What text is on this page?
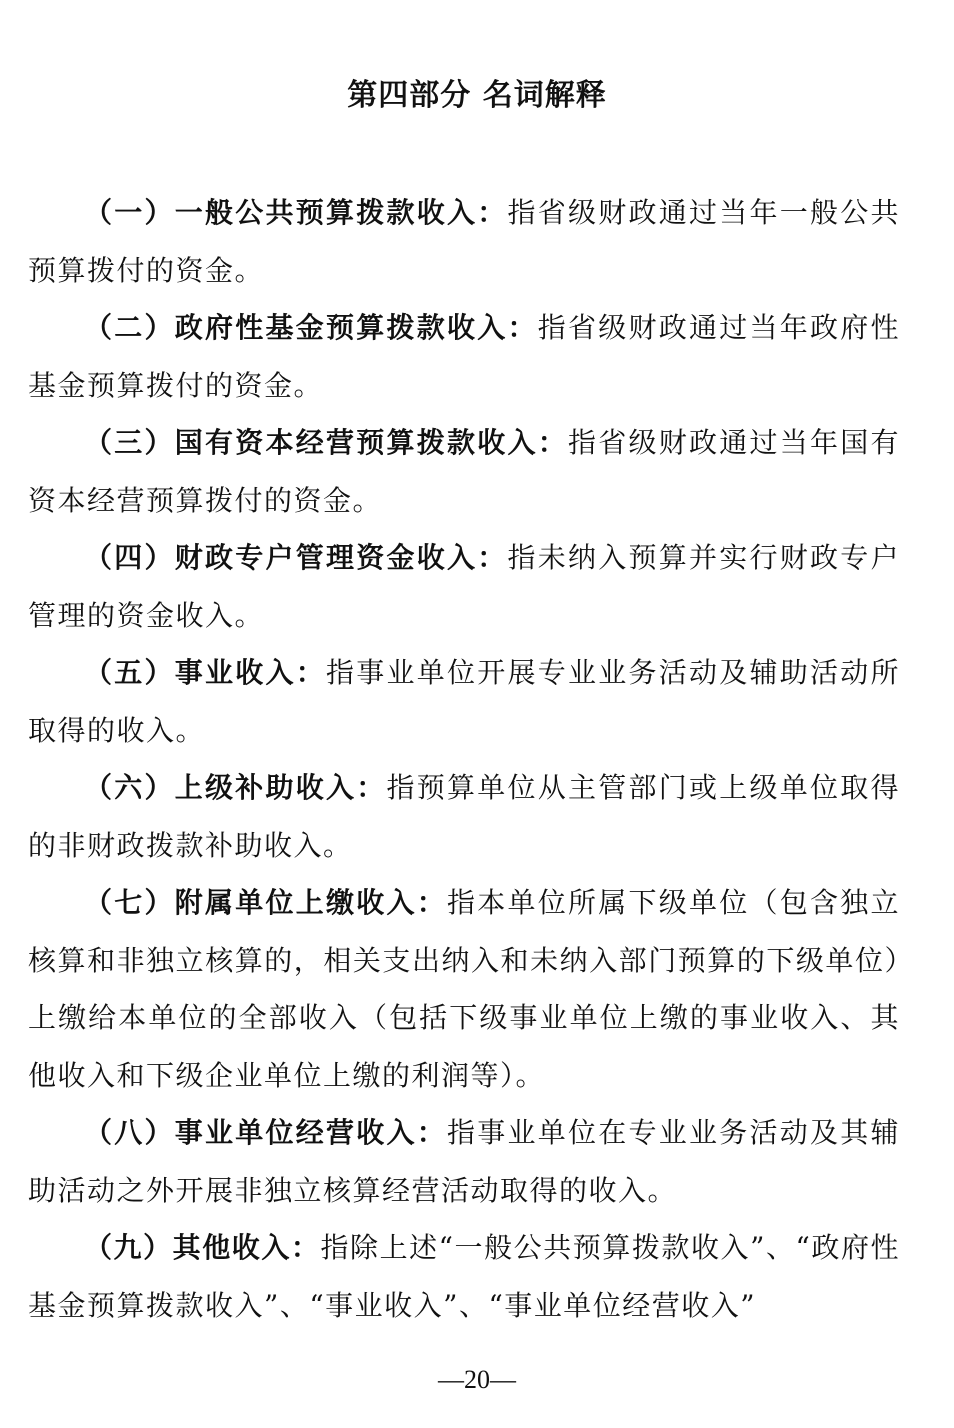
第四部分 名词解释

（一）一般公共预算拨款收入：指省级财政通过当年一般公共预算拨付的资金。

（二）政府性基金预算拨款收入：指省级财政通过当年政府性基金预算拨付的资金。

（三）国有资本经营预算拨款收入：指省级财政通过当年国有资本经营预算拨付的资金。

（四）财政专户管理资金收入：指未纳入预算并实行财政专户管理的资金收入。

（五）事业收入：指事业单位开展专业业务活动及辅助活动所取得的收入。

（六）上级补助收入：指预算单位从主管部门或上级单位取得的非财政拨款补助收入。

（七）附属单位上缴收入：指本单位所属下级单位（包含独立核算和非独立核算的，相关支出纳入和未纳入部门预算的下级单位）上缴给本单位的全部收入（包括下级事业单位上缴的事业收入、其他收入和下级企业单位上缴的利润等）。

（八）事业单位经营收入：指事业单位在专业业务活动及其辅助活动之外开展非独立核算经营活动取得的收入。

（九）其他收入：指除上述“一般公共预算拨款收入”、“政府性基金预算拨款收入”、“事业收入”、“事业单位经营收入”

—20—
